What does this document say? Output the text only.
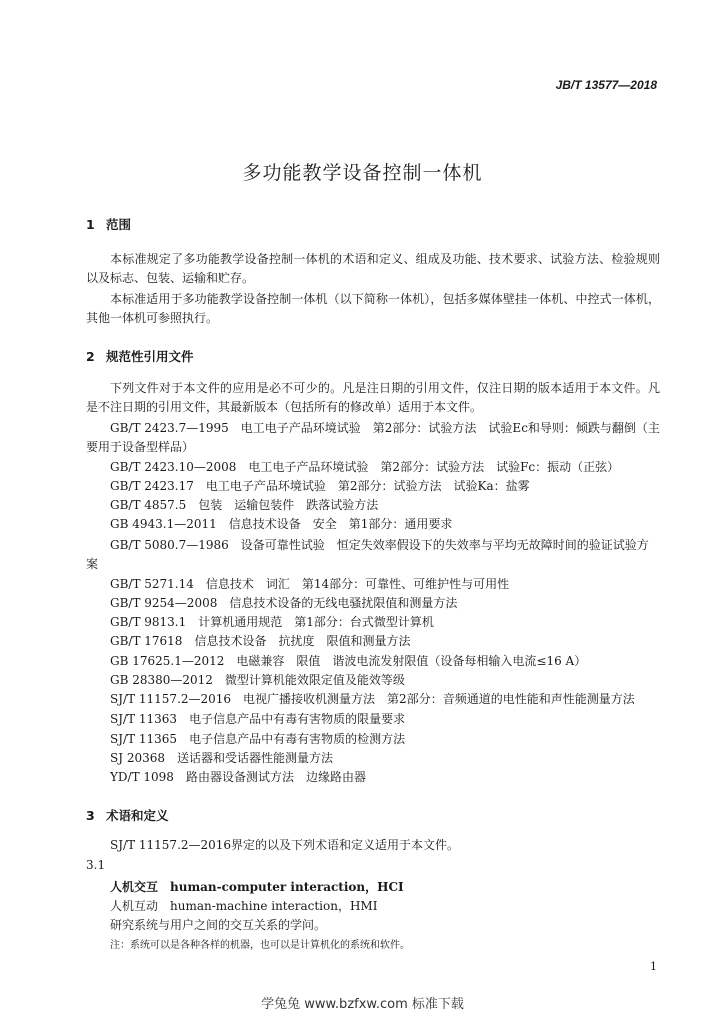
JB/T 13577—2018
多功能教学设备控制一体机
1 范围

本标准规定了多功能教学设备控制一体机的术语和定义、组成及功能、技术要求、试验方法、检验规则以及标志、包装、运输和贮存。

本标准适用于多功能教学设备控制一体机（以下简称一体机），包括多媒体壁挂一体机、中控式一体机，其他一体机可参照执行。

2 规范性引用文件

下列文件对于本文件的应用是必不可少的。凡是注日期的引用文件，仅注日期的版本适用于本文件。凡是不注日期的引用文件，其最新版本（包括所有的修改单）适用于本文件。

GB/T 2423.7—1995　电工电子产品环境试验　第2部分：试验方法　试验Ec和导则：倾跌与翻倒（主要用于设备型样品）

GB/T 2423.10—2008　电工电子产品环境试验　第2部分：试验方法　试验Fc：振动（正弦）

GB/T 2423.17　电工电子产品环境试验　第2部分：试验方法　试验Ka：盐雾

GB/T 4857.5　包装　运输包装件　跌落试验方法

GB 4943.1—2011　信息技术设备　安全　第1部分：通用要求

GB/T 5080.7—1986　设备可靠性试验　恒定失效率假设下的失效率与平均无故障时间的验证试验方案

GB/T 5271.14　信息技术　词汇　第14部分：可靠性、可维护性与可用性

GB/T 9254—2008　信息技术设备的无线电骚扰限值和测量方法

GB/T 9813.1　计算机通用规范　第1部分：台式微型计算机

GB/T 17618　信息技术设备　抗扰度　限值和测量方法

GB 17625.1—2012　电磁兼容　限值　谐波电流发射限值（设备每相输入电流≤16 A）

GB 28380—2012　微型计算机能效限定值及能效等级

SJ/T 11157.2—2016　电视广播接收机测量方法　第2部分：音频通道的电性能和声性能测量方法

SJ/T 11363　电子信息产品中有毒有害物质的限量要求

SJ/T 11365　电子信息产品中有毒有害物质的检测方法

SJ 20368　送话器和受话器性能测量方法

YD/T 1098　路由器设备测试方法　边缘路由器

3 术语和定义

SJ/T 11157.2—2016界定的以及下列术语和定义适用于本文件。

3.1
人机交互　human-computer interaction，HCI
人机互动　human-machine interaction，HMI
研究系统与用户之间的交互关系的学问。
注：系统可以是各种各样的机器，也可以是计算机化的系统和软件。
1
学兔兔 www.bzfxw.com 标准下载
